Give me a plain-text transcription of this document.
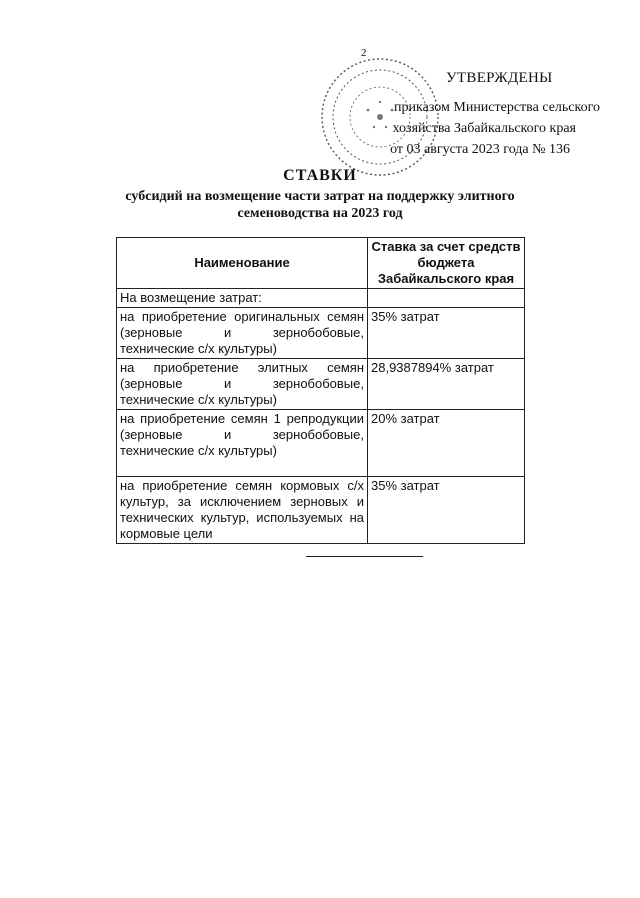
2
УТВЕРЖДЕНЫ
приказом Министерства сельского
хозяйства Забайкальского края
от 03 августа 2023 года № 136
СТАВКИ
субсидий на возмещение части затрат на поддержку элитного
семеноводства на 2023 год
Наименование	Ставка за счет средств бюджета Забайкальского края
На возмещение затрат:	
на приобретение оригинальных семян (зерновые и зернобобовые, технические с/х культуры)	35% затрат
на приобретение элитных семян (зерновые и зернобобовые, технические с/х культуры)	28,9387894% затрат
на приобретение семян 1 репродукции (зерновые и зернобобовые, технические с/х культуры)	20% затрат
на приобретение семян кормовых с/х культур, за исключением зерновых и технических культур, используемых на кормовые цели	35% затрат
